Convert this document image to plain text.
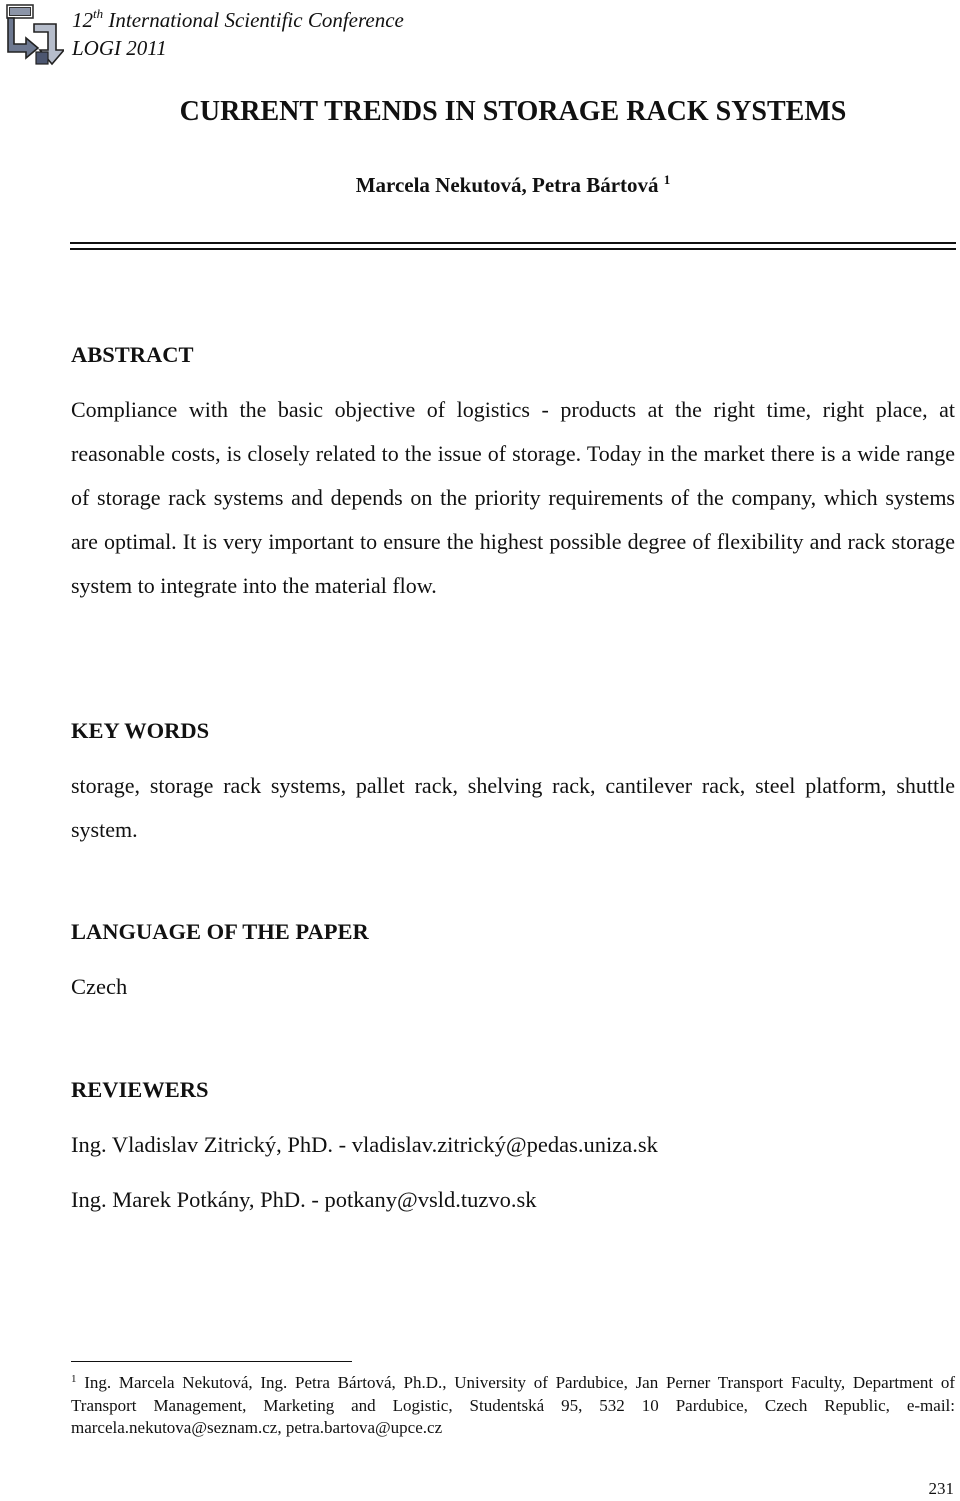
12th International Scientific Conference
LOGI 2011
CURRENT TRENDS IN STORAGE RACK SYSTEMS
Marcela Nekutová, Petra Bártová $^1$
ABSTRACT
Compliance with the basic objective of logistics - products at the right time, right place, at reasonable costs, is closely related to the issue of storage. Today in the market there is a wide range of storage rack systems and depends on the priority requirements of the company, which systems are optimal. It is very important to ensure the highest possible degree of flexibility and rack storage system to integrate into the material flow.
KEY WORDS
storage, storage rack systems, pallet rack, shelving rack, cantilever rack, steel platform, shuttle system.
LANGUAGE OF THE PAPER
Czech
REVIEWERS
Ing. Vladislav Zitrický, PhD. - vladislav.zitrický@pedas.uniza.sk
Ing. Marek Potkány, PhD. - potkany@vsld.tuzvo.sk
$^1$ Ing. Marcela Nekutová, Ing. Petra Bártová, Ph.D., University of Pardubice, Jan Perner Transport Faculty, Department of Transport Management, Marketing and Logistic, Studentská 95, 532 10 Pardubice, Czech Republic, e-mail: marcela.nekutova@seznam.cz, petra.bartova@upce.cz
231
